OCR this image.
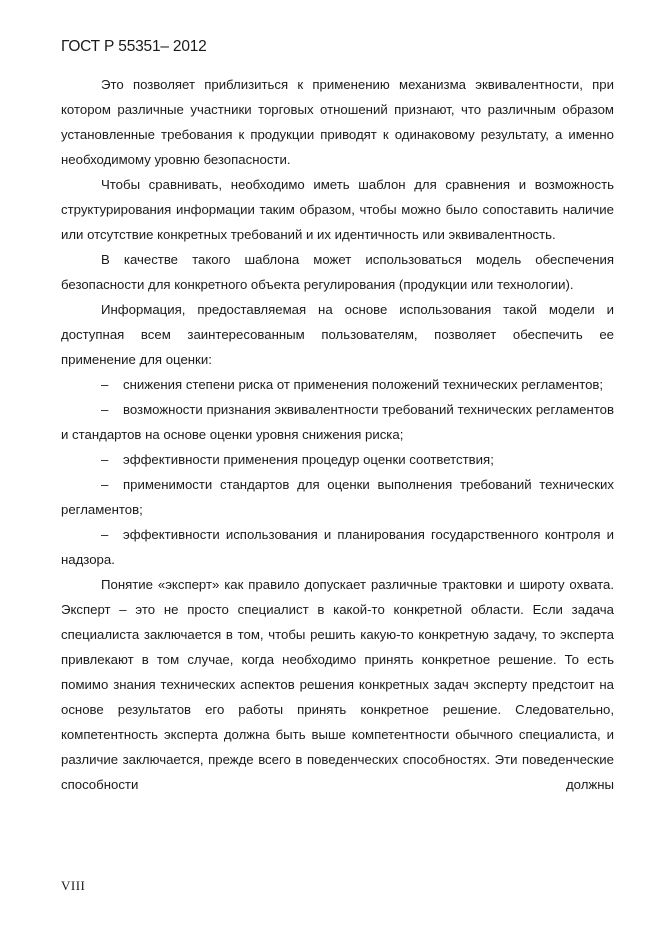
ГОСТ Р 55351– 2012

Это позволяет приблизиться к применению механизма эквивалентности, при котором различные участники торговых отношений признают, что различным образом установленные требования к продукции приводят к одинаковому результату, а именно необходимому уровню безопасности.

Чтобы сравнивать, необходимо иметь шаблон для сравнения и возможность структурирования информации таким образом, чтобы можно было сопоставить наличие или отсутствие конкретных требований и их идентичность или эквивалентность.

В качестве такого шаблона может использоваться модель обеспечения безопасности для конкретного объекта регулирования (продукции или технологии).

Информация, предоставляемая на основе использования такой модели и доступная всем заинтересованным пользователям, позволяет обеспечить ее применение для оценки:

– снижения степени риска от применения положений технических регламентов;

– возможности признания эквивалентности требований технических регламентов и стандартов на основе оценки уровня снижения риска;

– эффективности применения процедур оценки соответствия;

– применимости стандартов для оценки выполнения требований технических регламентов;

– эффективности использования и планирования государственного контроля и надзора.

Понятие «эксперт» как правило допускает различные трактовки и широту охвата. Эксперт – это не просто специалист в какой-то конкретной области. Если задача специалиста заключается в том, чтобы решить какую-то конкретную задачу, то эксперта привлекают в том случае, когда необходимо принять конкретное решение. То есть помимо знания технических аспектов решения конкретных задач эксперту предстоит на основе результатов его работы принять конкретное решение. Следовательно, компетентность эксперта должна быть выше компетентности обычного специалиста, и различие заключается, прежде всего в поведенческих способностях. Эти поведенческие способности должны

VIII
